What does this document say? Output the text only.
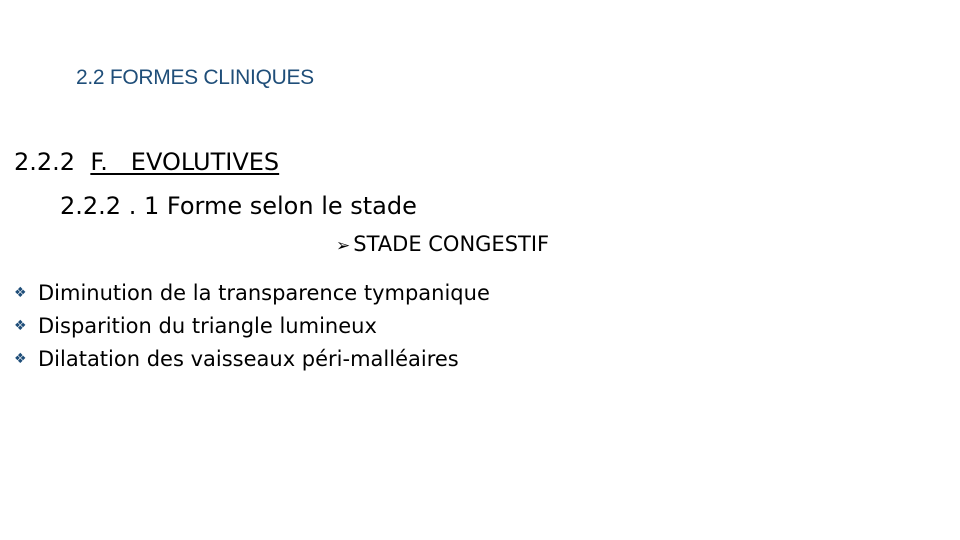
2.2 FORMES CLINIQUES
2.2.2 F.   EVOLUTIVES
2.2.2 . 1 Forme selon le stade
➢ STADE CONGESTIF
❖ Diminution de la transparence tympanique
❖ Disparition du triangle lumineux
❖ Dilatation des vaisseaux péri-malléaires
